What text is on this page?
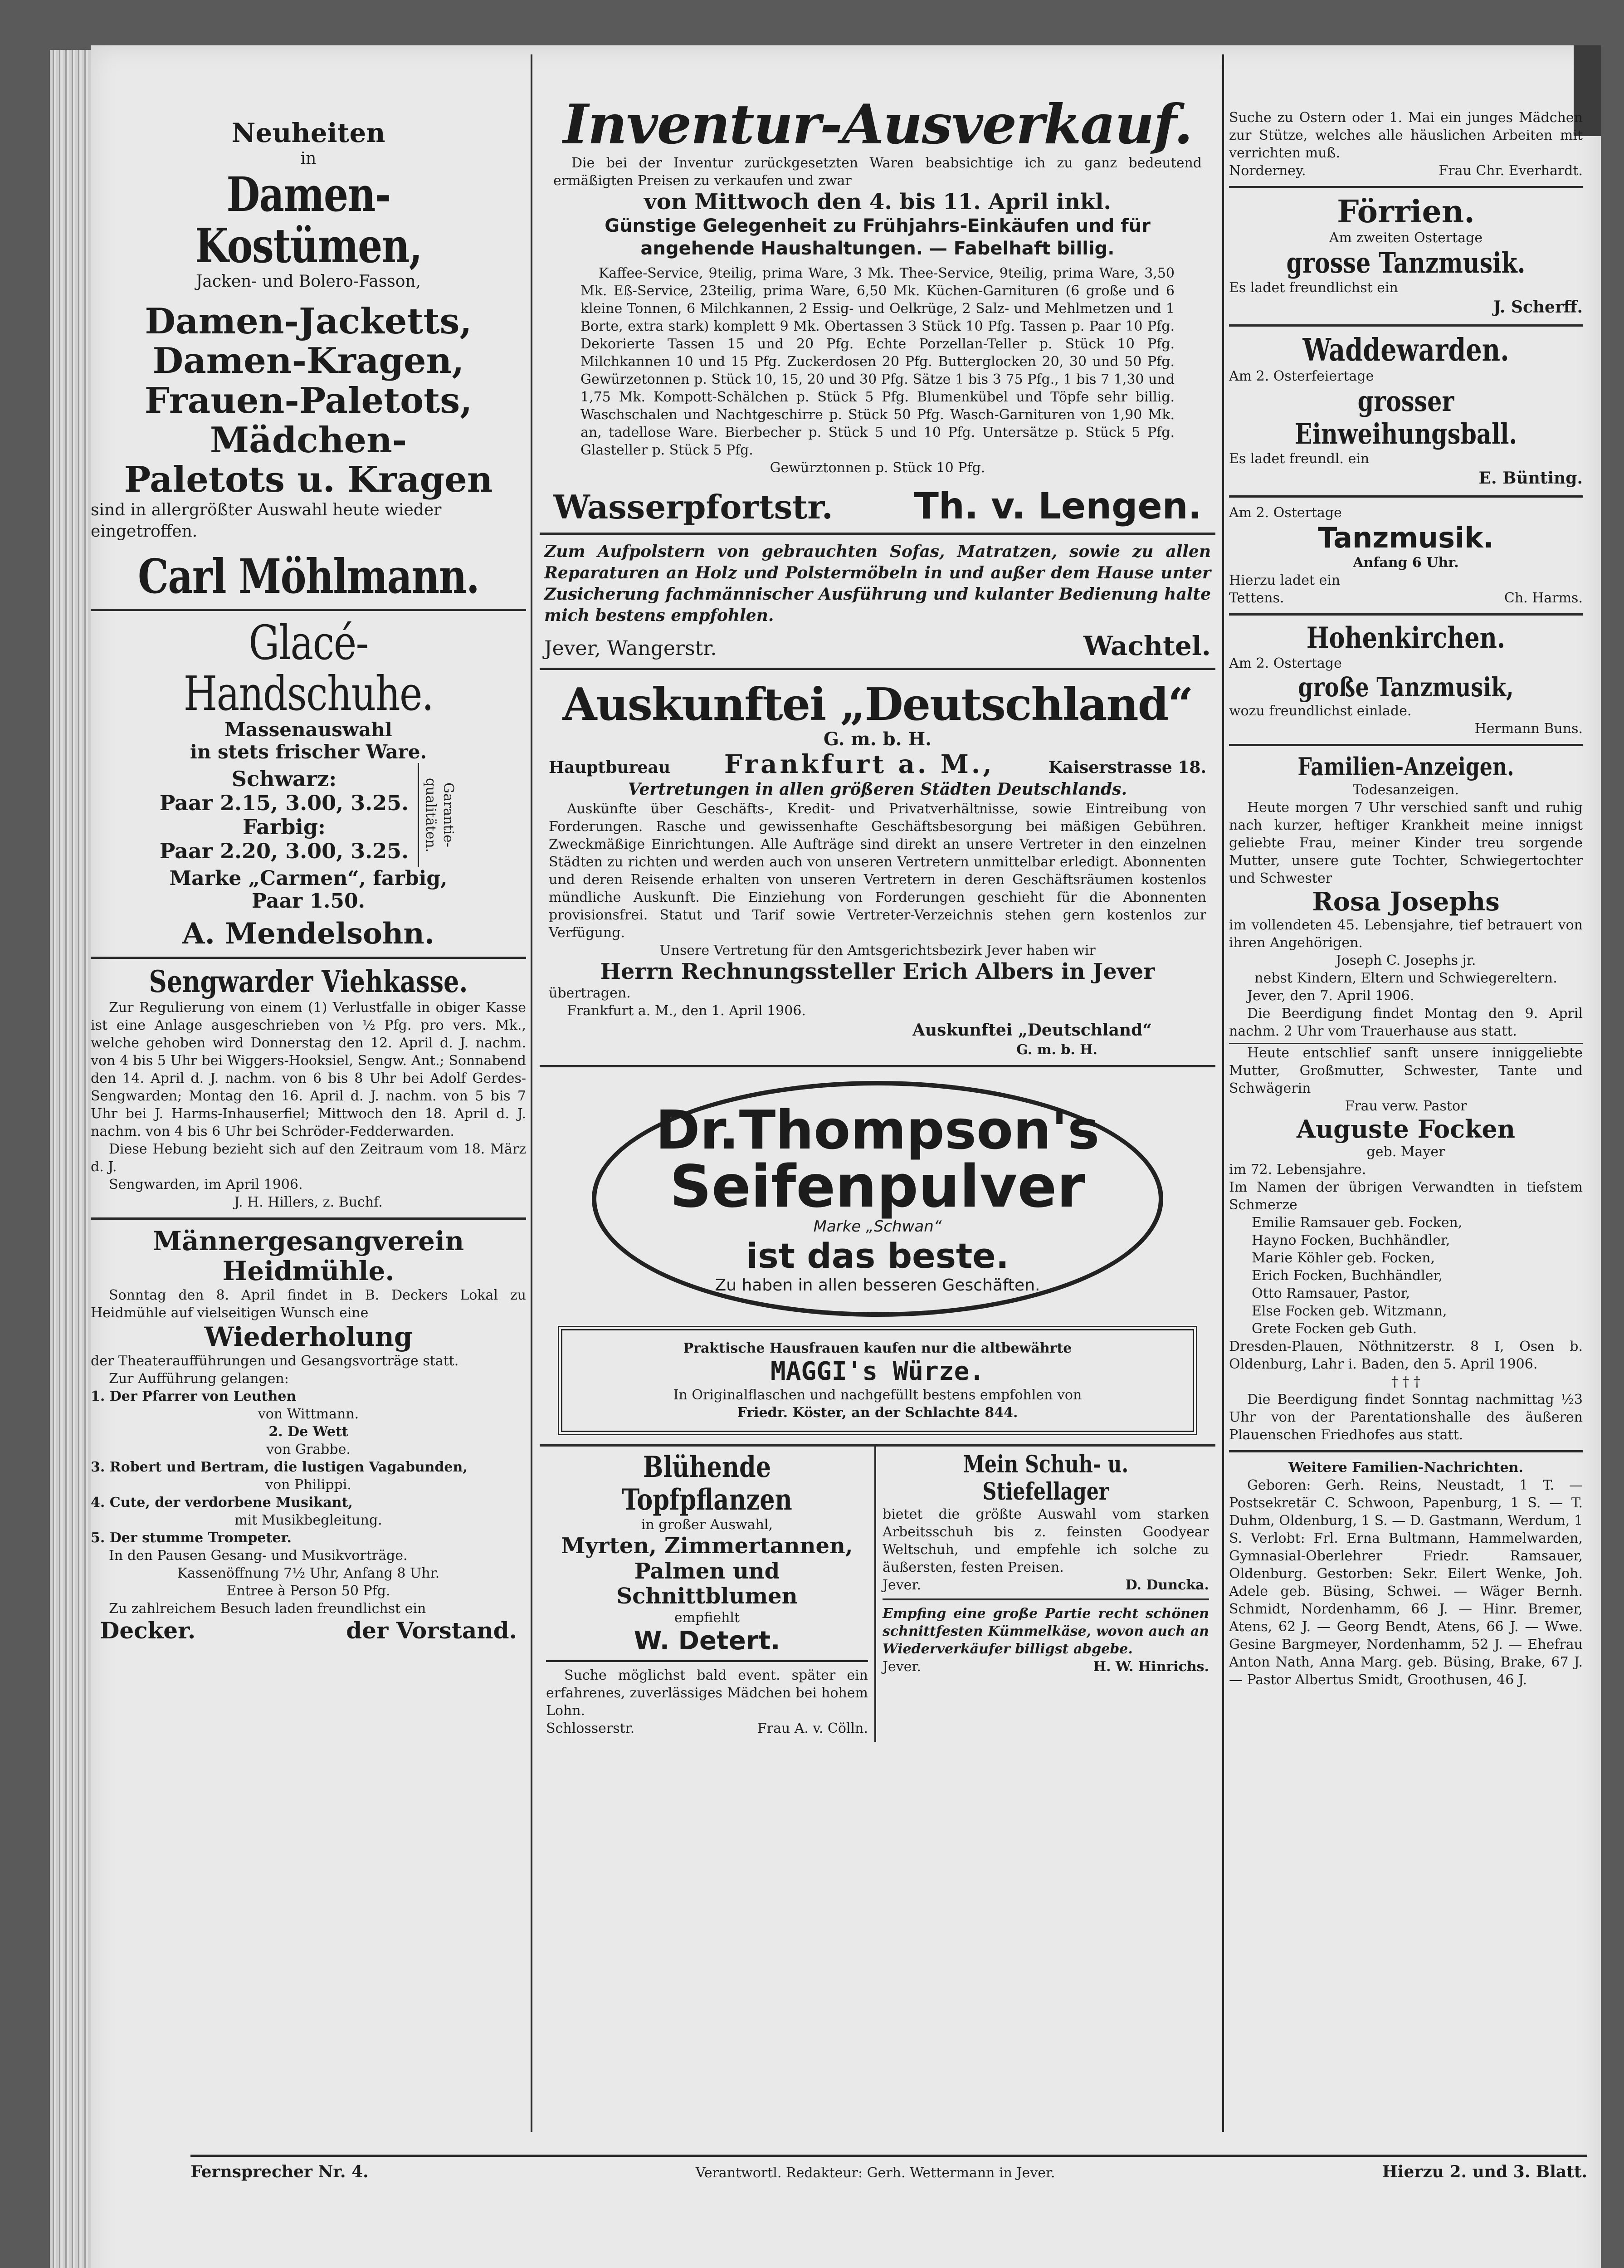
Neuheiten
in
Damen-Kostümen,
Jacken- und Bolero-Fasson,
Damen-Jacketts,
Damen-Kragen,
Frauen-Paletots,
Mädchen-
Paletots u. Kragen
sind in allergrößter Auswahl heute wieder eingetroffen.
Carl Möhlmann.
Glacé-Handschuhe.
Massenauswahl
in stets frischer Ware.
Schwarz:
Paar 2.15, 3.00, 3.25.
Farbig:
Paar 2.20, 3.00, 3.25.
Garantie-qualitäten.
Marke „Carmen“, farbig,
Paar 1.50.
A. Mendelsohn.
Sengwarder Viehkasse.
Zur Regulierung von einem (1) Verlustfalle in obiger Kasse ist eine Anlage ausgeschrieben von ½ Pfg. pro vers. Mk., welche gehoben wird Donnerstag den 12. April d. J. nachm. von 4 bis 5 Uhr bei Wiggers-Hooksiel, Sengw. Ant.; Sonnabend den 14. April d. J. nachm. von 6 bis 8 Uhr bei Adolf Gerdes-Sengwarden; Montag den 16. April d. J. nachm. von 5 bis 7 Uhr bei J. Harms-Inhauserfiel; Mittwoch den 18. April d. J. nachm. von 4 bis 6 Uhr bei Schröder-Fedderwarden.
Diese Hebung bezieht sich auf den Zeitraum vom 18. März d. J.
Sengwarden, im April 1906.
J. H. Hillers, z. Buchf.
Männergesangverein
Heidmühle.
Sonntag den 8. April findet in B. Deckers Lokal zu Heidmühle auf vielseitigen Wunsch eine
Wiederholung
der Theateraufführungen und Gesangsvorträge statt.
Zur Aufführung gelangen:
1. Der Pfarrer von Leuthen
von Wittmann.
2. De Wett
von Grabbe.
3. Robert und Bertram, die lustigen Vagabunden,
von Philippi.
4. Cute, der verdorbene Musikant,
mit Musikbegleitung.
5. Der stumme Trompeter.
In den Pausen Gesang- und Musikvorträge.
Kassenöffnung 7½ Uhr, Anfang 8 Uhr.
Entree à Person 50 Pfg.
Zu zahlreichem Besuch laden freundlichst ein
Decker.	der Vorstand.
Inventur-Ausverkauf.
Die bei der Inventur zurückgesetzten Waren beabsichtige ich zu ganz bedeutend ermäßigten Preisen zu verkaufen und zwar
von Mittwoch den 4. bis 11. April inkl.
Günstige Gelegenheit zu Frühjahrs-Einkäufen und für angehende Haushaltungen. — Fabelhaft billig.
Kaffee-Service, 9teilig, prima Ware, 3 Mk. Thee-Service, 9teilig, prima Ware, 3,50 Mk. Eß-Service, 23teilig, prima Ware, 6,50 Mk. Küchen-Garnituren (6 große und 6 kleine Tonnen, 6 Milchkannen, 2 Essig- und Oelkrüge, 2 Salz- und Mehlmetzen und 1 Borte, extra stark) komplett 9 Mk. Obertassen 3 Stück 10 Pfg. Tassen p. Paar 10 Pfg. Dekorierte Tassen 15 und 20 Pfg. Echte Porzellan-Teller p. Stück 10 Pfg. Milchkannen 10 und 15 Pfg. Zuckerdosen 20 Pfg. Butterglocken 20, 30 und 50 Pfg. Gewürzetonnen p. Stück 10, 15, 20 und 30 Pfg. Sätze 1 bis 3 75 Pfg., 1 bis 7 1,30 und 1,75 Mk. Kompott-Schälchen p. Stück 5 Pfg. Blumenkübel und Töpfe sehr billig. Waschschalen und Nachtgeschirre p. Stück 50 Pfg. Wasch-Garnituren von 1,90 Mk. an, tadellose Ware. Bierbecher p. Stück 5 und 10 Pfg. Untersätze p. Stück 5 Pfg. Glasteller p. Stück 5 Pfg.
Gewürztonnen p. Stück 10 Pfg.
Wasserpfortstr. Th. v. Lengen.
Zum Aufpolstern von gebrauchten Sofas, Matratzen, sowie zu allen Reparaturen an Holz und Polstermöbeln in und außer dem Hause unter Zusicherung fachmännischer Ausführung und kulanter Bedienung halte mich bestens empfohlen.
Jever, Wangerstr.	Wachtel.
Auskunftei „Deutschland“
G. m. b. H.
Hauptbureau Frankfurt a. M.,	Kaiserstrasse 18.
Vertretungen in allen größeren Städten Deutschlands.
Auskünfte über Geschäfts-, Kredit- und Privatverhältnisse, sowie Eintreibung von Forderungen. Rasche und gewissenhafte Geschäftsbesorgung bei mäßigen Gebühren. Zweckmäßige Einrichtungen. Alle Aufträge sind direkt an unsere Vertreter in den einzelnen Städten zu richten und werden auch von unseren Vertretern unmittelbar erledigt. Abonnenten und deren Reisende erhalten von unseren Vertretern in deren Geschäftsräumen kostenlos mündliche Auskunft. Die Einziehung von Forderungen geschieht für die Abonnenten provisionsfrei. Statut und Tarif sowie Vertreter-Verzeichnis stehen gern kostenlos zur Verfügung.
Unsere Vertretung für den Amtsgerichtsbezirk Jever haben wir
Herrn Rechnungssteller Erich Albers in Jever
übertragen.
Frankfurt a. M., den 1. April 1906.
Auskunftei „Deutschland“
G. m. b. H.
Dr.Thompson's
Seifenpulver
Marke „Schwan“
ist das beste.
Zu haben in allen besseren Geschäften.
Praktische Hausfrauen kaufen nur die altbewährte
MAGGI's Würze.
In Originalflaschen und nachgefüllt bestens empfohlen von
Friedr. Köster, an der Schlachte 844.
Blühende Topfpflanzen
in großer Auswahl,
Myrten, Zimmertannen,
Palmen und Schnittblumen
empfiehlt
W. Detert.
Suche möglichst bald event. später ein erfahrenes, zuverlässiges Mädchen bei hohem Lohn.
Schlosserstr.	Frau A. v. Cölln.
Mein Schuh- u. Stiefellager
bietet die größte Auswahl vom starken Arbeitsschuh bis z. feinsten Goodyear Weltschuh, und empfehle ich solche zu äußersten, festen Preisen.
Jever.	D. Duncka.
Empfing eine große Partie recht schönen schnittfesten Kümmelkäse, wovon auch an Wiederverkäufer billigst abgebe.
Jever.	H. W. Hinrichs.
Suche zu Ostern oder 1. Mai ein junges Mädchen zur Stütze, welches alle häuslichen Arbeiten mit verrichten muß.
Norderney.	Frau Chr. Everhardt.
Förrien.
Am zweiten Ostertage
grosse Tanzmusik.
Es ladet freundlichst ein
J. Scherff.
Waddewarden.
Am 2. Osterfeiertage
grosser Einweihungsball.
Es ladet freundl. ein
E. Bünting.
Am 2. Ostertage
Tanzmusik.
Anfang 6 Uhr.
Hierzu ladet ein
Tettens.	Ch. Harms.
Hohenkirchen.
Am 2. Ostertage
große Tanzmusik,
wozu freundlichst einlade.
Hermann Buns.
Familien-Anzeigen.
Todesanzeigen.
Heute morgen 7 Uhr verschied sanft und ruhig nach kurzer, heftiger Krankheit meine innigst geliebte Frau, meiner Kinder treu sorgende Mutter, unsere gute Tochter, Schwiegertochter und Schwester
Rosa Josephs
im vollendeten 45. Lebensjahre, tief betrauert von ihren Angehörigen.
Joseph C. Josephs jr.
nebst Kindern, Eltern und Schwiegereltern.
Jever, den 7. April 1906.
Die Beerdigung findet Montag den 9. April nachm. 2 Uhr vom Trauerhause aus statt.
Heute entschlief sanft unsere inniggeliebte Mutter, Großmutter, Schwester, Tante und Schwägerin
Frau verw. Pastor
Auguste Focken
geb. Mayer
im 72. Lebensjahre.
Im Namen der übrigen Verwandten in tiefstem Schmerze
Emilie Ramsauer geb. Focken,
Hayno Focken, Buchhändler,
Marie Köhler geb. Focken,
Erich Focken, Buchhändler,
Otto Ramsauer, Pastor,
Else Focken geb. Witzmann,
Grete Focken geb Guth.
Dresden-Plauen, Nöthnitzerstr. 8 I, Osen b. Oldenburg, Lahr i. Baden, den 5. April 1906.
† † †
Die Beerdigung findet Sonntag nachmittag ½3 Uhr von der Parentationshalle des äußeren Plauenschen Friedhofes aus statt.
Weitere Familien-Nachrichten.
Geboren: Gerh. Reins, Neustadt, 1 T. — Postsekretär C. Schwoon, Papenburg, 1 S. — T. Duhm, Oldenburg, 1 S. — D. Gastmann, Werdum, 1 S. Verlobt: Frl. Erna Bultmann, Hammelwarden, Gymnasial-Oberlehrer Friedr. Ramsauer, Oldenburg. Gestorben: Sekr. Eilert Wenke, Joh. Adele geb. Büsing, Schwei. — Wäger Bernh. Schmidt, Nordenhamm, 66 J. — Hinr. Bremer, Atens, 62 J. — Georg Bendt, Atens, 66 J. — Wwe. Gesine Bargmeyer, Nordenhamm, 52 J. — Ehefrau Anton Nath, Anna Marg. geb. Büsing, Brake, 67 J. — Pastor Albertus Smidt, Groothusen, 46 J.
Fernsprecher Nr. 4.	Verantwortl. Redakteur: Gerh. Wettermann in Jever.	Hierzu 2. und 3. Blatt.
